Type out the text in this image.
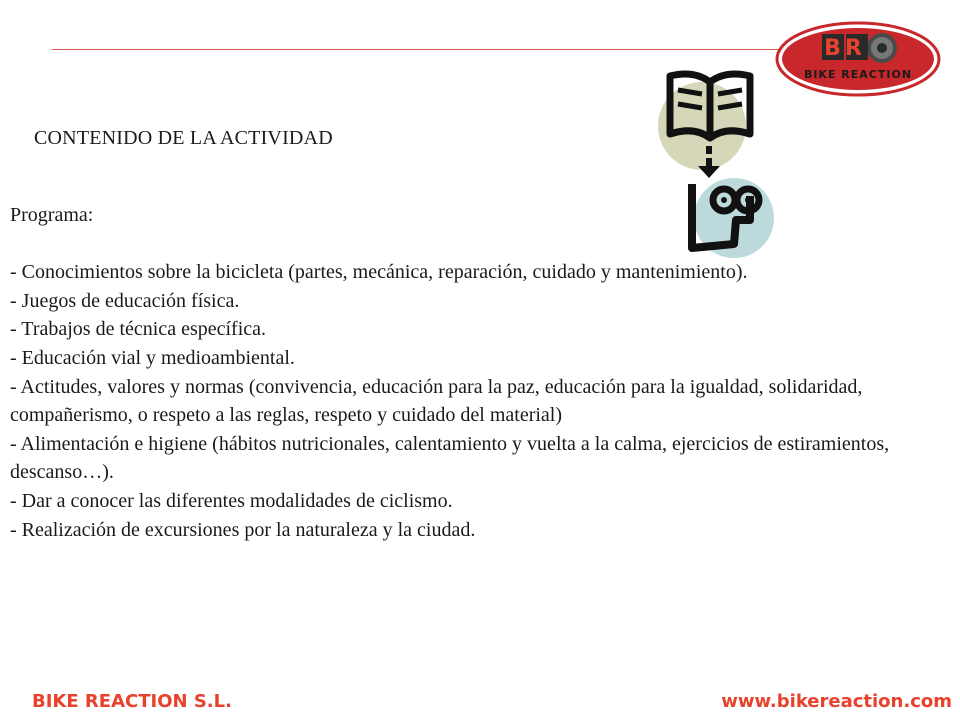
BR
BIKE REACTION
CONTENIDO DE LA ACTIVIDAD

Programa:

- Conocimientos sobre la bicicleta (partes, mecánica, reparación, cuidado y mantenimiento).

- Juegos de educación física.

- Trabajos de técnica específica.

- Educación vial y medioambiental.

- Actitudes, valores y normas (convivencia, educación para la paz, educación para la igualdad, solidaridad, compañerismo, o respeto a las reglas, respeto y cuidado del material)

- Alimentación e higiene (hábitos nutricionales, calentamiento y vuelta a la calma, ejercicios de estiramientos, descanso…).

- Dar a conocer las diferentes modalidades de ciclismo.

- Realización de excursiones por la naturaleza y la ciudad.

BIKE REACTION S.L.	www.bikereaction.com
